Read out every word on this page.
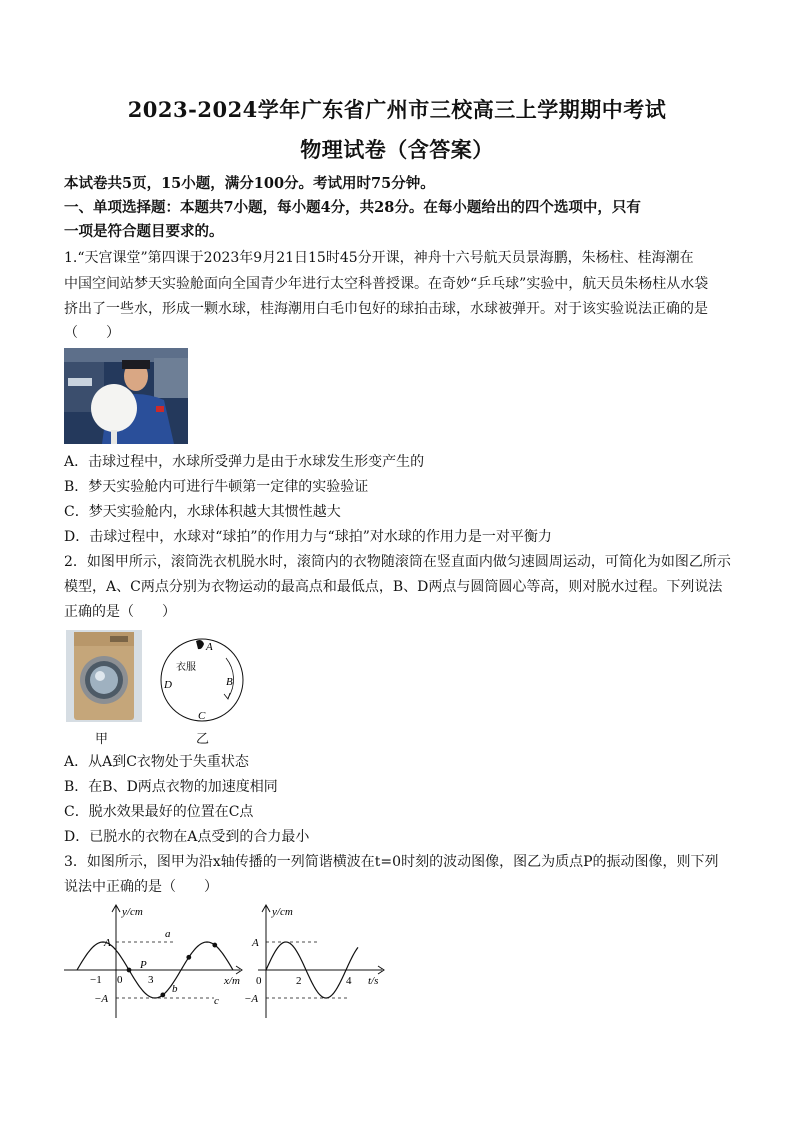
2023-2024学年广东省广州市三校高三上学期期中考试
物理试卷（含答案）
本试卷共5页，15小题，满分100分。考试用时75分钟。
一、单项选择题：本题共7小题，每小题4分，共28分。在每小题给出的四个选项中，只有
一项是符合题目要求的。
1.“天宫课堂”第四课于2023年9月21日15时45分开课，神舟十六号航天员景海鹏，朱杨柱、桂海潮在
中国空间站梦天实验舱面向全国青少年进行太空科普授课。在奇妙“乒乓球”实验中，航天员朱杨柱从水袋
挤出了一些水，形成一颗水球，桂海潮用白毛巾包好的球拍击球，水球被弹开。对于该实验说法正确的是
（　　）
A．击球过程中，水球所受弹力是由于水球发生形变产生的
B．梦天实验舱内可进行牛顿第一定律的实验验证
C．梦天实验舱内，水球体积越大其惯性越大
D．击球过程中，水球对“球拍”的作用力与“球拍”对水球的作用力是一对平衡力
2．如图甲所示，滚筒洗衣机脱水时，滚筒内的衣物随滚筒在竖直面内做匀速圆周运动，可简化为如图乙所示
模型，A、C两点分别为衣物运动的最高点和最低点，B、D两点与圆筒圆心等高，则对脱水过程。下列说法
正确的是（　　）
A
衣服
D	B
C
甲	乙
A．从A到C衣物处于失重状态
B．在B、D两点衣物的加速度相同
C．脱水效果最好的位置在C点
D．已脱水的衣物在A点受到的合力最小
3．如图所示，图甲为沿x轴传播的一列简谐横波在t=0时刻的波动图像，图乙为质点P的振动图像，则下列
说法中正确的是（　　）
y/cm
x/m
A
−A
−1 0 3
P
a
b
c
y/cm
t/s
A
−A
0	2	4
